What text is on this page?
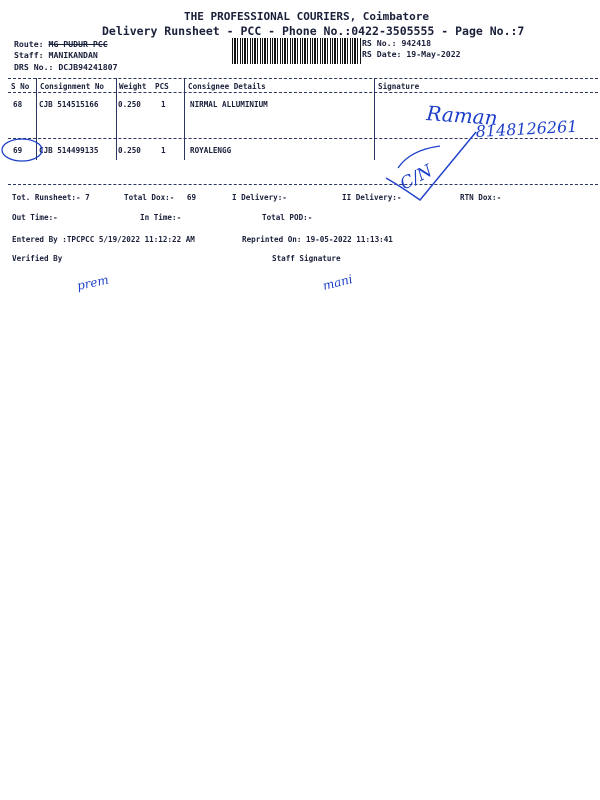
THE PROFESSIONAL COURIERS, Coimbatore
Delivery Runsheet - PCC - Phone No.:0422-3505555 - Page No.:7
Route: MG PUDUR PCC
Staff: MANIKANDAN
DRS No.: DCJB94241807
RS No.: 942418
RS Date: 19-May-2022
S No Consignment No Weight PCS	Consignee Details	Signature
68 CJB 514515166	0.250	1	NIRMAL ALLUMINIUM
69 CJB 514499135	0.250	1	ROYALENGG
Tot. Runsheet:- 7	Total Dox:- 69	I Delivery:-	II Delivery:-	RTN Dox:-
Out Time:-	In Time:-	Total POD:-
Entered By :TPCPCC 5/19/2022 11:12:22 AM	Reprinted On: 19-05-2022 11:13:41
Verified By	Staff Signature
Raman
8148126261
C/N
prem	mani
